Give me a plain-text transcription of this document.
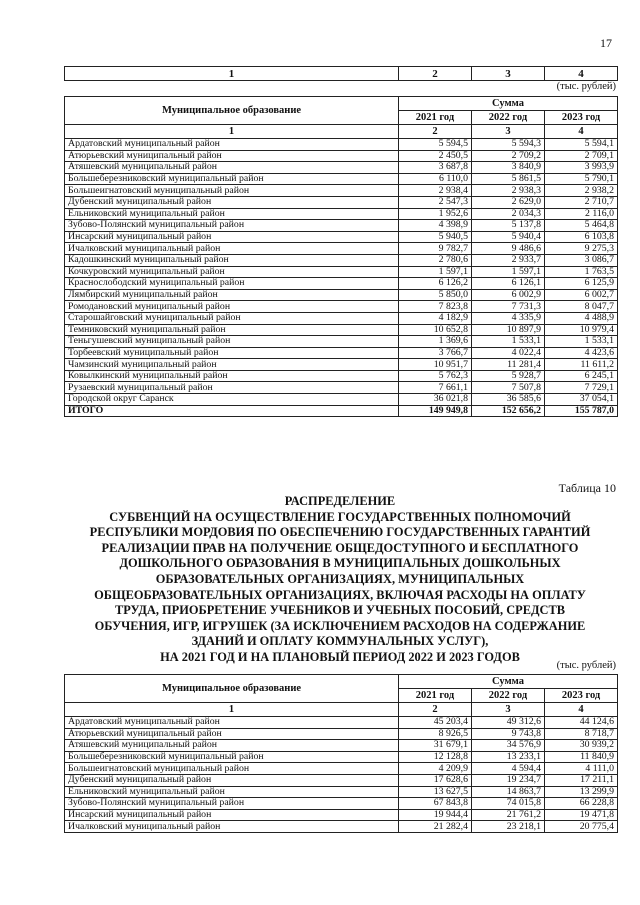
17
1	2	3	4
(тыс. рублей)
Муниципальное образование	Сумма		
	2021 год	2022 год	2023 год
1	2	3	4
Ардатовский муниципальный район	5 594,5	5 594,3	5 594,1
Атюрьевский муниципальный район	2 450,5	2 709,2	2 709,1
Атяшевский муниципальный район	3 687,8	3 840,9	3 993,9
Большеберезниковский муниципальный район	6 110,0	5 861,5	5 790,1
Большеигнатовский муниципальный район	2 938,4	2 938,3	2 938,2
Дубенский муниципальный район	2 547,3	2 629,0	2 710,7
Ельниковский муниципальный район	1 952,6	2 034,3	2 116,0
Зубово-Полянский муниципальный район	4 398,9	5 137,8	5 464,8
Инсарский муниципальный район	5 940,5	5 940,4	6 103,8
Ичалковский муниципальный район	9 782,7	9 486,6	9 275,3
Кадошкинский муниципальный район	2 780,6	2 933,7	3 086,7
Кочкуровский муниципальный район	1 597,1	1 597,1	1 763,5
Краснослободский муниципальный район	6 126,2	6 126,1	6 125,9
Лямбирский муниципальный район	5 850,0	6 002,9	6 002,7
Ромодановский муниципальный район	7 823,8	7 731,3	8 047,7
Старошайговский муниципальный район	4 182,9	4 335,9	4 488,9
Темниковский муниципальный район	10 652,8	10 897,9	10 979,4
Теньгушевский муниципальный район	1 369,6	1 533,1	1 533,1
Торбеевский муниципальный район	3 766,7	4 022,4	4 423,6
Чамзинский муниципальный район	10 951,7	11 281,4	11 611,2
Ковылкинский муниципальный район	5 762,3	5 928,7	6 245,1
Рузаевский муниципальный район	7 661,1	7 507,8	7 729,1
Городской округ Саранск	36 021,8	36 585,6	37 054,1
ИТОГО	149 949,8	152 656,2	155 787,0
Таблица 10
РАСПРЕДЕЛЕНИЕ
СУБВЕНЦИЙ НА ОСУЩЕСТВЛЕНИЕ ГОСУДАРСТВЕННЫХ ПОЛНОМОЧИЙ
РЕСПУБЛИКИ МОРДОВИЯ ПО ОБЕСПЕЧЕНИЮ ГОСУДАРСТВЕННЫХ ГАРАНТИЙ
РЕАЛИЗАЦИИ ПРАВ НА ПОЛУЧЕНИЕ ОБЩЕДОСТУПНОГО И БЕСПЛАТНОГО
ДОШКОЛЬНОГО ОБРАЗОВАНИЯ В МУНИЦИПАЛЬНЫХ ДОШКОЛЬНЫХ
ОБРАЗОВАТЕЛЬНЫХ ОРГАНИЗАЦИЯХ, МУНИЦИПАЛЬНЫХ
ОБЩЕОБРАЗОВАТЕЛЬНЫХ ОРГАНИЗАЦИЯХ, ВКЛЮЧАЯ РАСХОДЫ НА ОПЛАТУ
ТРУДА, ПРИОБРЕТЕНИЕ УЧЕБНИКОВ И УЧЕБНЫХ ПОСОБИЙ, СРЕДСТВ
ОБУЧЕНИЯ, ИГР, ИГРУШЕК (ЗА ИСКЛЮЧЕНИЕМ РАСХОДОВ НА СОДЕРЖАНИЕ
ЗДАНИЙ И ОПЛАТУ КОММУНАЛЬНЫХ УСЛУГ),
НА 2021 ГОД И НА ПЛАНОВЫЙ ПЕРИОД 2022 И 2023 ГОДОВ
(тыс. рублей)
Муниципальное образование	Сумма		
	2021 год	2022 год	2023 год
1	2	3	4
Ардатовский муниципальный район	45 203,4	49 312,6	44 124,6
Атюрьевский муниципальный район	8 926,5	9 743,8	8 718,7
Атяшевский муниципальный район	31 679,1	34 576,9	30 939,2
Большеберезниковский муниципальный район	12 128,8	13 233,1	11 840,9
Большеигнатовский муниципальный район	4 209,9	4 594,4	4 111,0
Дубенский муниципальный район	17 628,6	19 234,7	17 211,1
Ельниковский муниципальный район	13 627,5	14 863,7	13 299,9
Зубово-Полянский муниципальный район	67 843,8	74 015,8	66 228,8
Инсарский муниципальный район	19 944,4	21 761,2	19 471,8
Ичалковский муниципальный район	21 282,4	23 218,1	20 775,4
